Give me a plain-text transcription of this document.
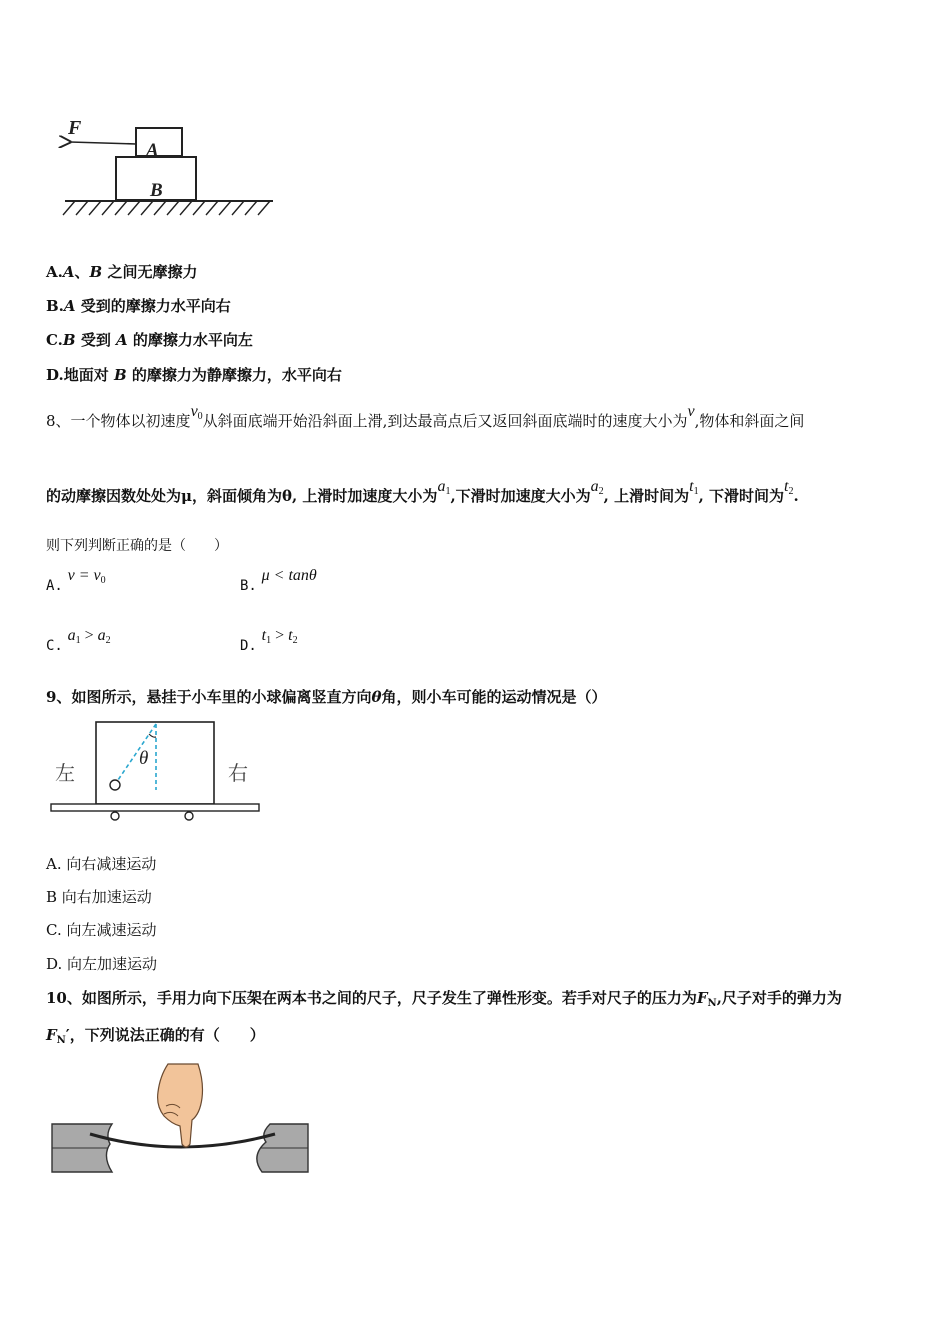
F
A
B
A.A、B 之间无摩擦力
B.A 受到的摩擦力水平向右
C.B 受到 A 的摩擦力水平向左
D.地面对 B 的摩擦力为静摩擦力，水平向右
8、一个物体以初速度$v_0$从斜面底端开始沿斜面上滑,到达最高点后又返回斜面底端时的速度大小为v,物体和斜面之间
的动摩擦因数处处为μ，斜面倾角为θ, 上滑时加速度大小为$a_1$,下滑时加速度大小为$a_2$, 上滑时间为$t_1$, 下滑时间为$t_2$.
则下列判断正确的是（　　）
A. $v = v_0$	B. μ < tanθ
C. $a_1 > a_2$	D. $t_1 > t_2$
9、如图所示，悬挂于小车里的小球偏离竖直方向θ角，则小车可能的运动情况是（）
θ
左	右
A. 向右减速运动
B 向右加速运动
C. 向左减速运动
D. 向左加速运动
10、如图所示，手用力向下压架在两本书之间的尺子，尺子发生了弹性形变。若手对尺子的压力为$F_N$,尺子对手的弹力为
$F_N'$，下列说法正确的有（　　）
